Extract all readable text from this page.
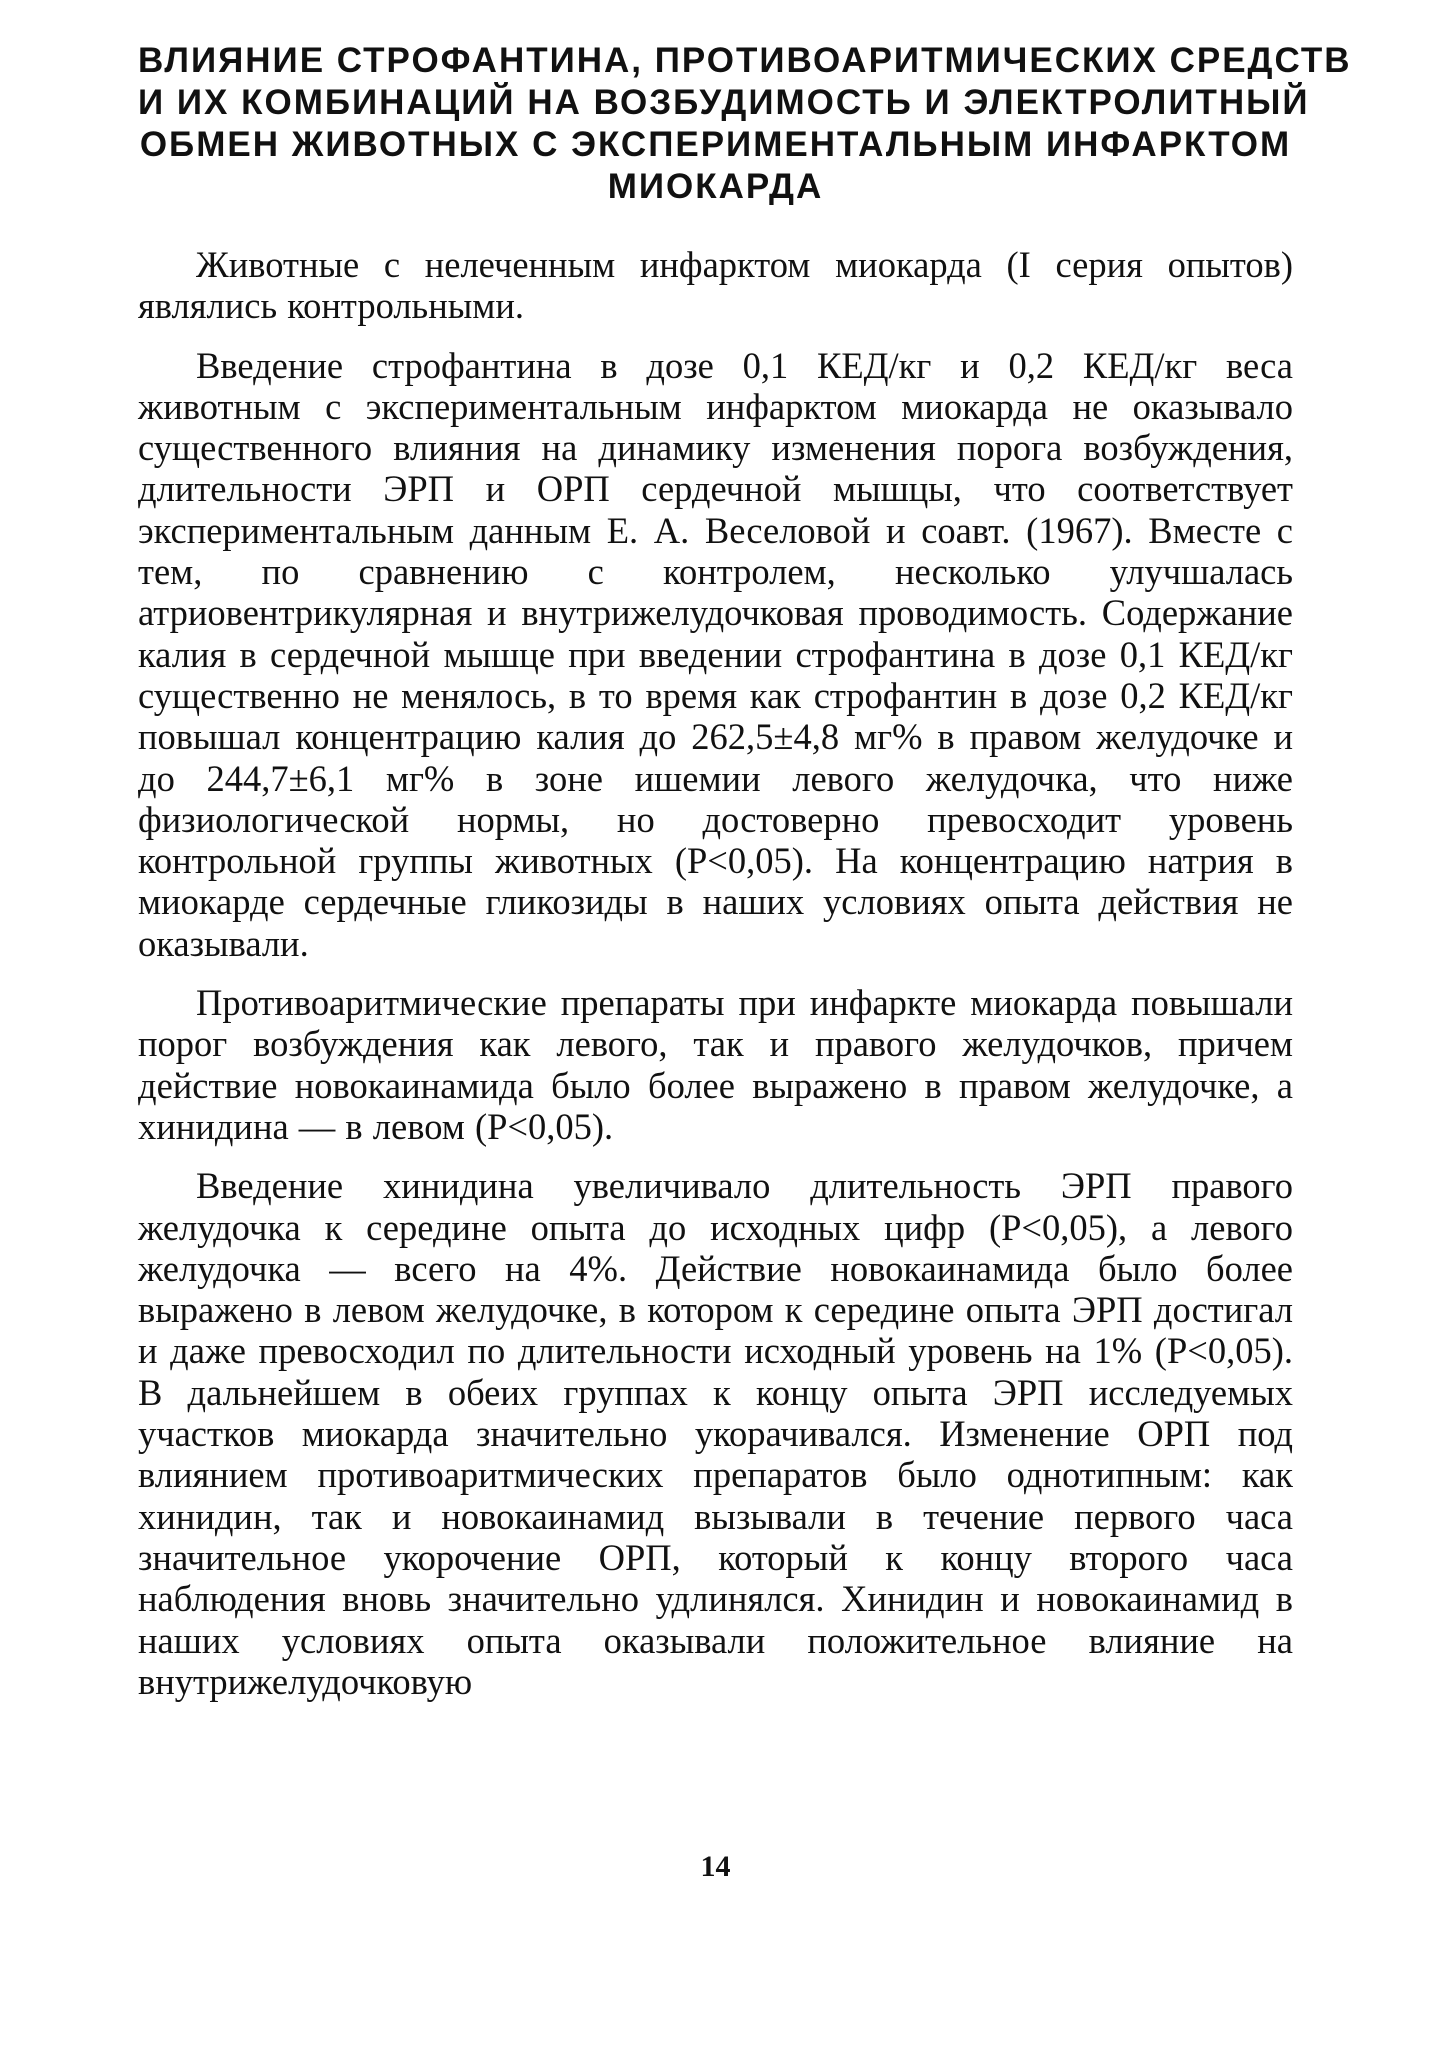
ВЛИЯНИЕ СТРОФАНТИНА, ПРОТИВОАРИТМИЧЕСКИХ СРЕДСТВ
И ИХ КОМБИНАЦИЙ НА ВОЗБУДИМОСТЬ И ЭЛЕКТРОЛИТНЫЙ
ОБМЕН ЖИВОТНЫХ С ЭКСПЕРИМЕНТАЛЬНЫМ ИНФАРКТОМ
МИОКАРДА

Животные с нелеченным инфарктом миокарда (I серия опытов) являлись контрольными.

Введение строфантина в дозе 0,1 КЕД/кг и 0,2 КЕД/кг веса животным с экспериментальным инфарктом миокарда не оказывало существенного влияния на динамику изменения порога возбуждения, длительности ЭРП и ОРП сердечной мышцы, что соответствует экспериментальным данным Е. А. Веселовой и соавт. (1967). Вместе с тем, по сравнению с контролем, несколько улучшалась атриовентрикулярная и внутрижелудочковая проводимость. Содержание калия в сердечной мышце при введении строфантина в дозе 0,1 КЕД/кг существенно не менялось, в то время как строфантин в дозе 0,2 КЕД/кг повышал концентрацию калия до 262,5±4,8 мг% в правом желудочке и до 244,7±6,1 мг% в зоне ишемии левого желудочка, что ниже физиологической нормы, но достоверно превосходит уровень контрольной группы животных (Р<0,05). На концентрацию натрия в миокарде сердечные гликозиды в наших условиях опыта действия не оказывали.

Противоаритмические препараты при инфаркте миокарда повышали порог возбуждения как левого, так и правого желудочков, причем действие новокаинамида было более выражено в правом желудочке, а хинидина — в левом (Р<0,05).

Введение хинидина увеличивало длительность ЭРП правого желудочка к середине опыта до исходных цифр (Р<0,05), а левого желудочка — всего на 4%. Действие новокаинамида было более выражено в левом желудочке, в котором к середине опыта ЭРП достигал и даже превосходил по длительности исходный уровень на 1% (Р<0,05). В дальнейшем в обеих группах к концу опыта ЭРП исследуемых участков миокарда значительно укорачивался. Изменение ОРП под влиянием противоаритмических препаратов было однотипным: как хинидин, так и новокаинамид вызывали в течение первого часа значительное укорочение ОРП, который к концу второго часа наблюдения вновь значительно удлинялся. Хинидин и новокаинамид в наших условиях опыта оказывали положительное влияние на внутрижелудочковую

14
